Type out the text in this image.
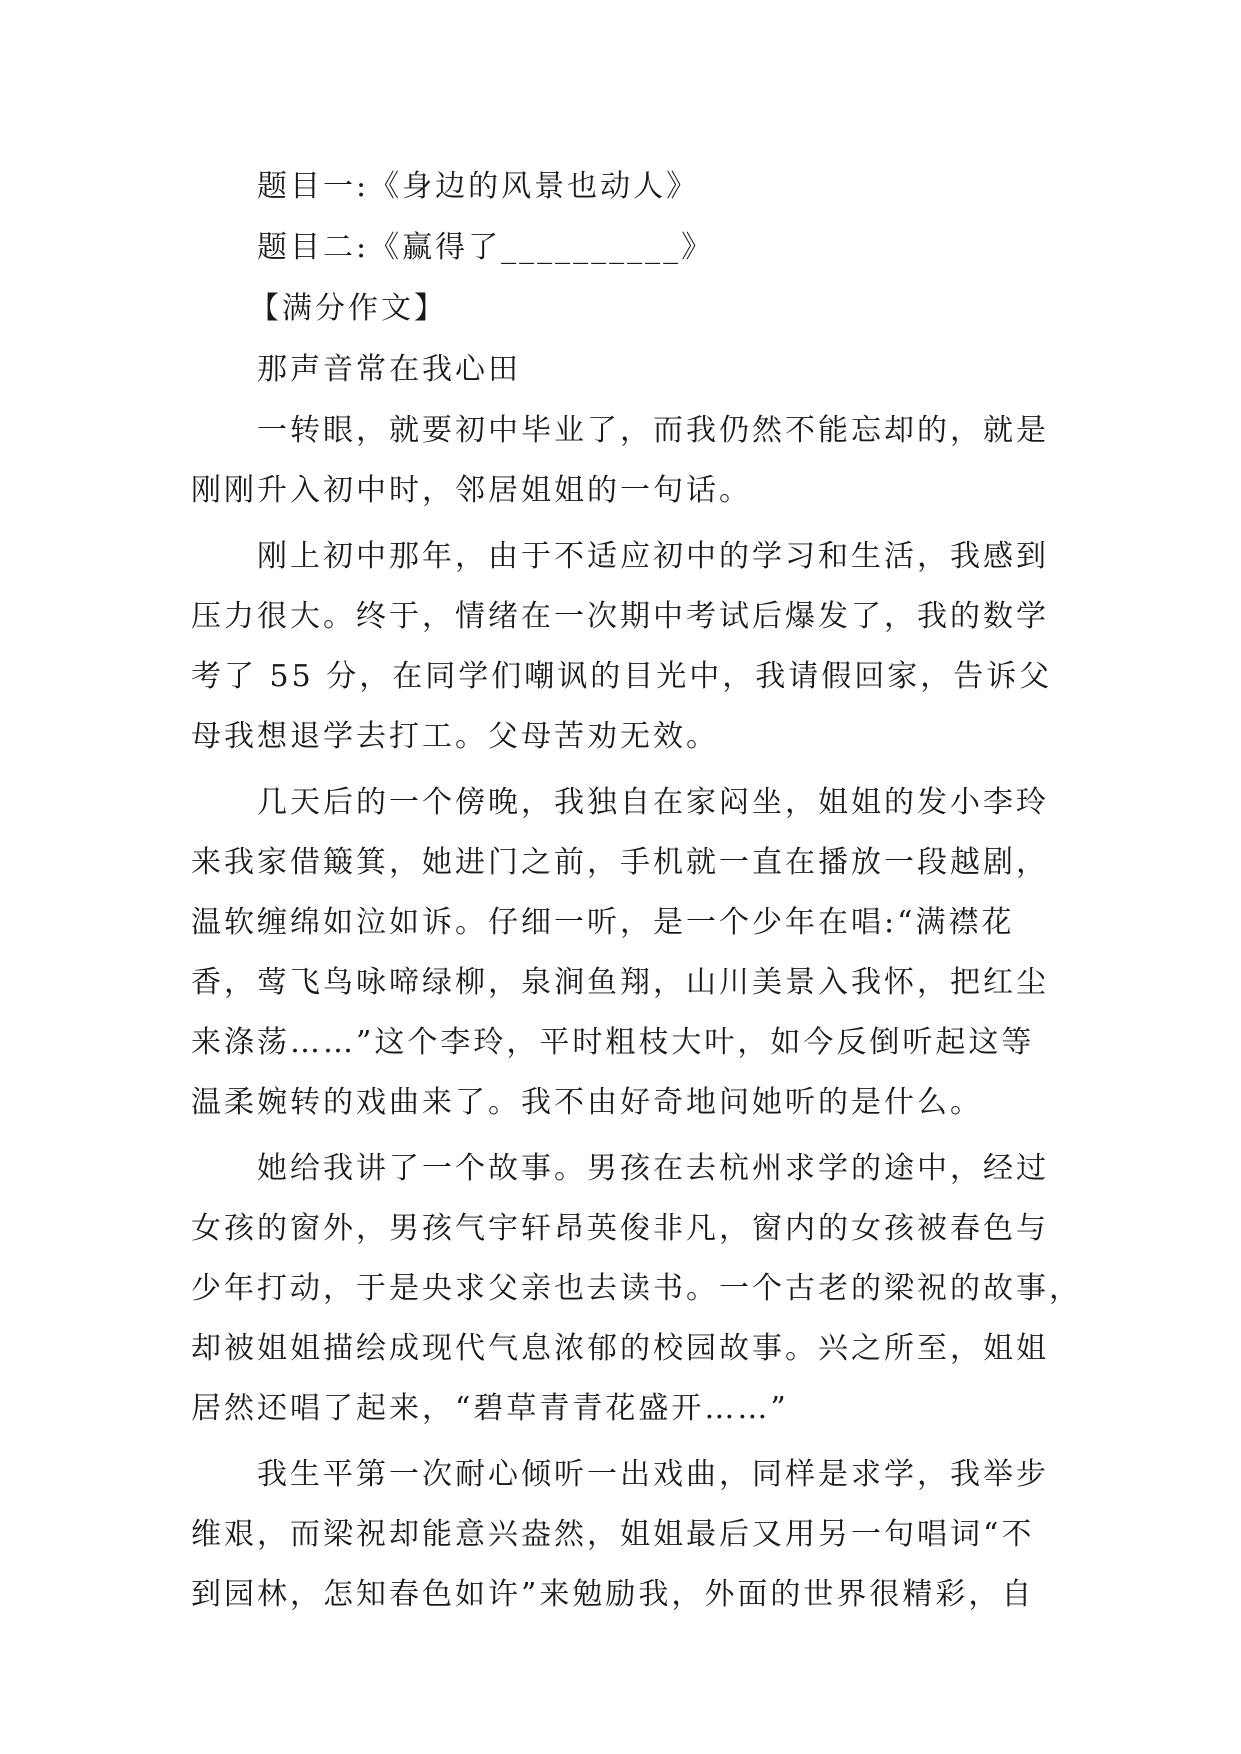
题目一:《身边的风景也动人》
题目二:《赢得了__________》
【满分作文】
那声音常在我心田
一转眼，就要初中毕业了，而我仍然不能忘却的，就是
刚刚升入初中时，邻居姐姐的一句话。
刚上初中那年，由于不适应初中的学习和生活，我感到
压力很大。终于，情绪在一次期中考试后爆发了，我的数学
考了 55 分，在同学们嘲讽的目光中，我请假回家，告诉父
母我想退学去打工。父母苦劝无效。
几天后的一个傍晚，我独自在家闷坐，姐姐的发小李玲
来我家借簸箕，她进门之前，手机就一直在播放一段越剧，
温软缠绵如泣如诉。仔细一听，是一个少年在唱:“满襟花
香，莺飞鸟咏啼绿柳，泉涧鱼翔，山川美景入我怀，把红尘
来涤荡……”这个李玲，平时粗枝大叶，如今反倒听起这等
温柔婉转的戏曲来了。我不由好奇地问她听的是什么。
她给我讲了一个故事。男孩在去杭州求学的途中，经过
女孩的窗外，男孩气宇轩昂英俊非凡，窗内的女孩被春色与
少年打动，于是央求父亲也去读书。一个古老的梁祝的故事，
却被姐姐描绘成现代气息浓郁的校园故事。兴之所至，姐姐
居然还唱了起来，“碧草青青花盛开……”
我生平第一次耐心倾听一出戏曲，同样是求学，我举步
维艰，而梁祝却能意兴盎然，姐姐最后又用另一句唱词“不
到园林，怎知春色如许”来勉励我，外面的世界很精彩，自
